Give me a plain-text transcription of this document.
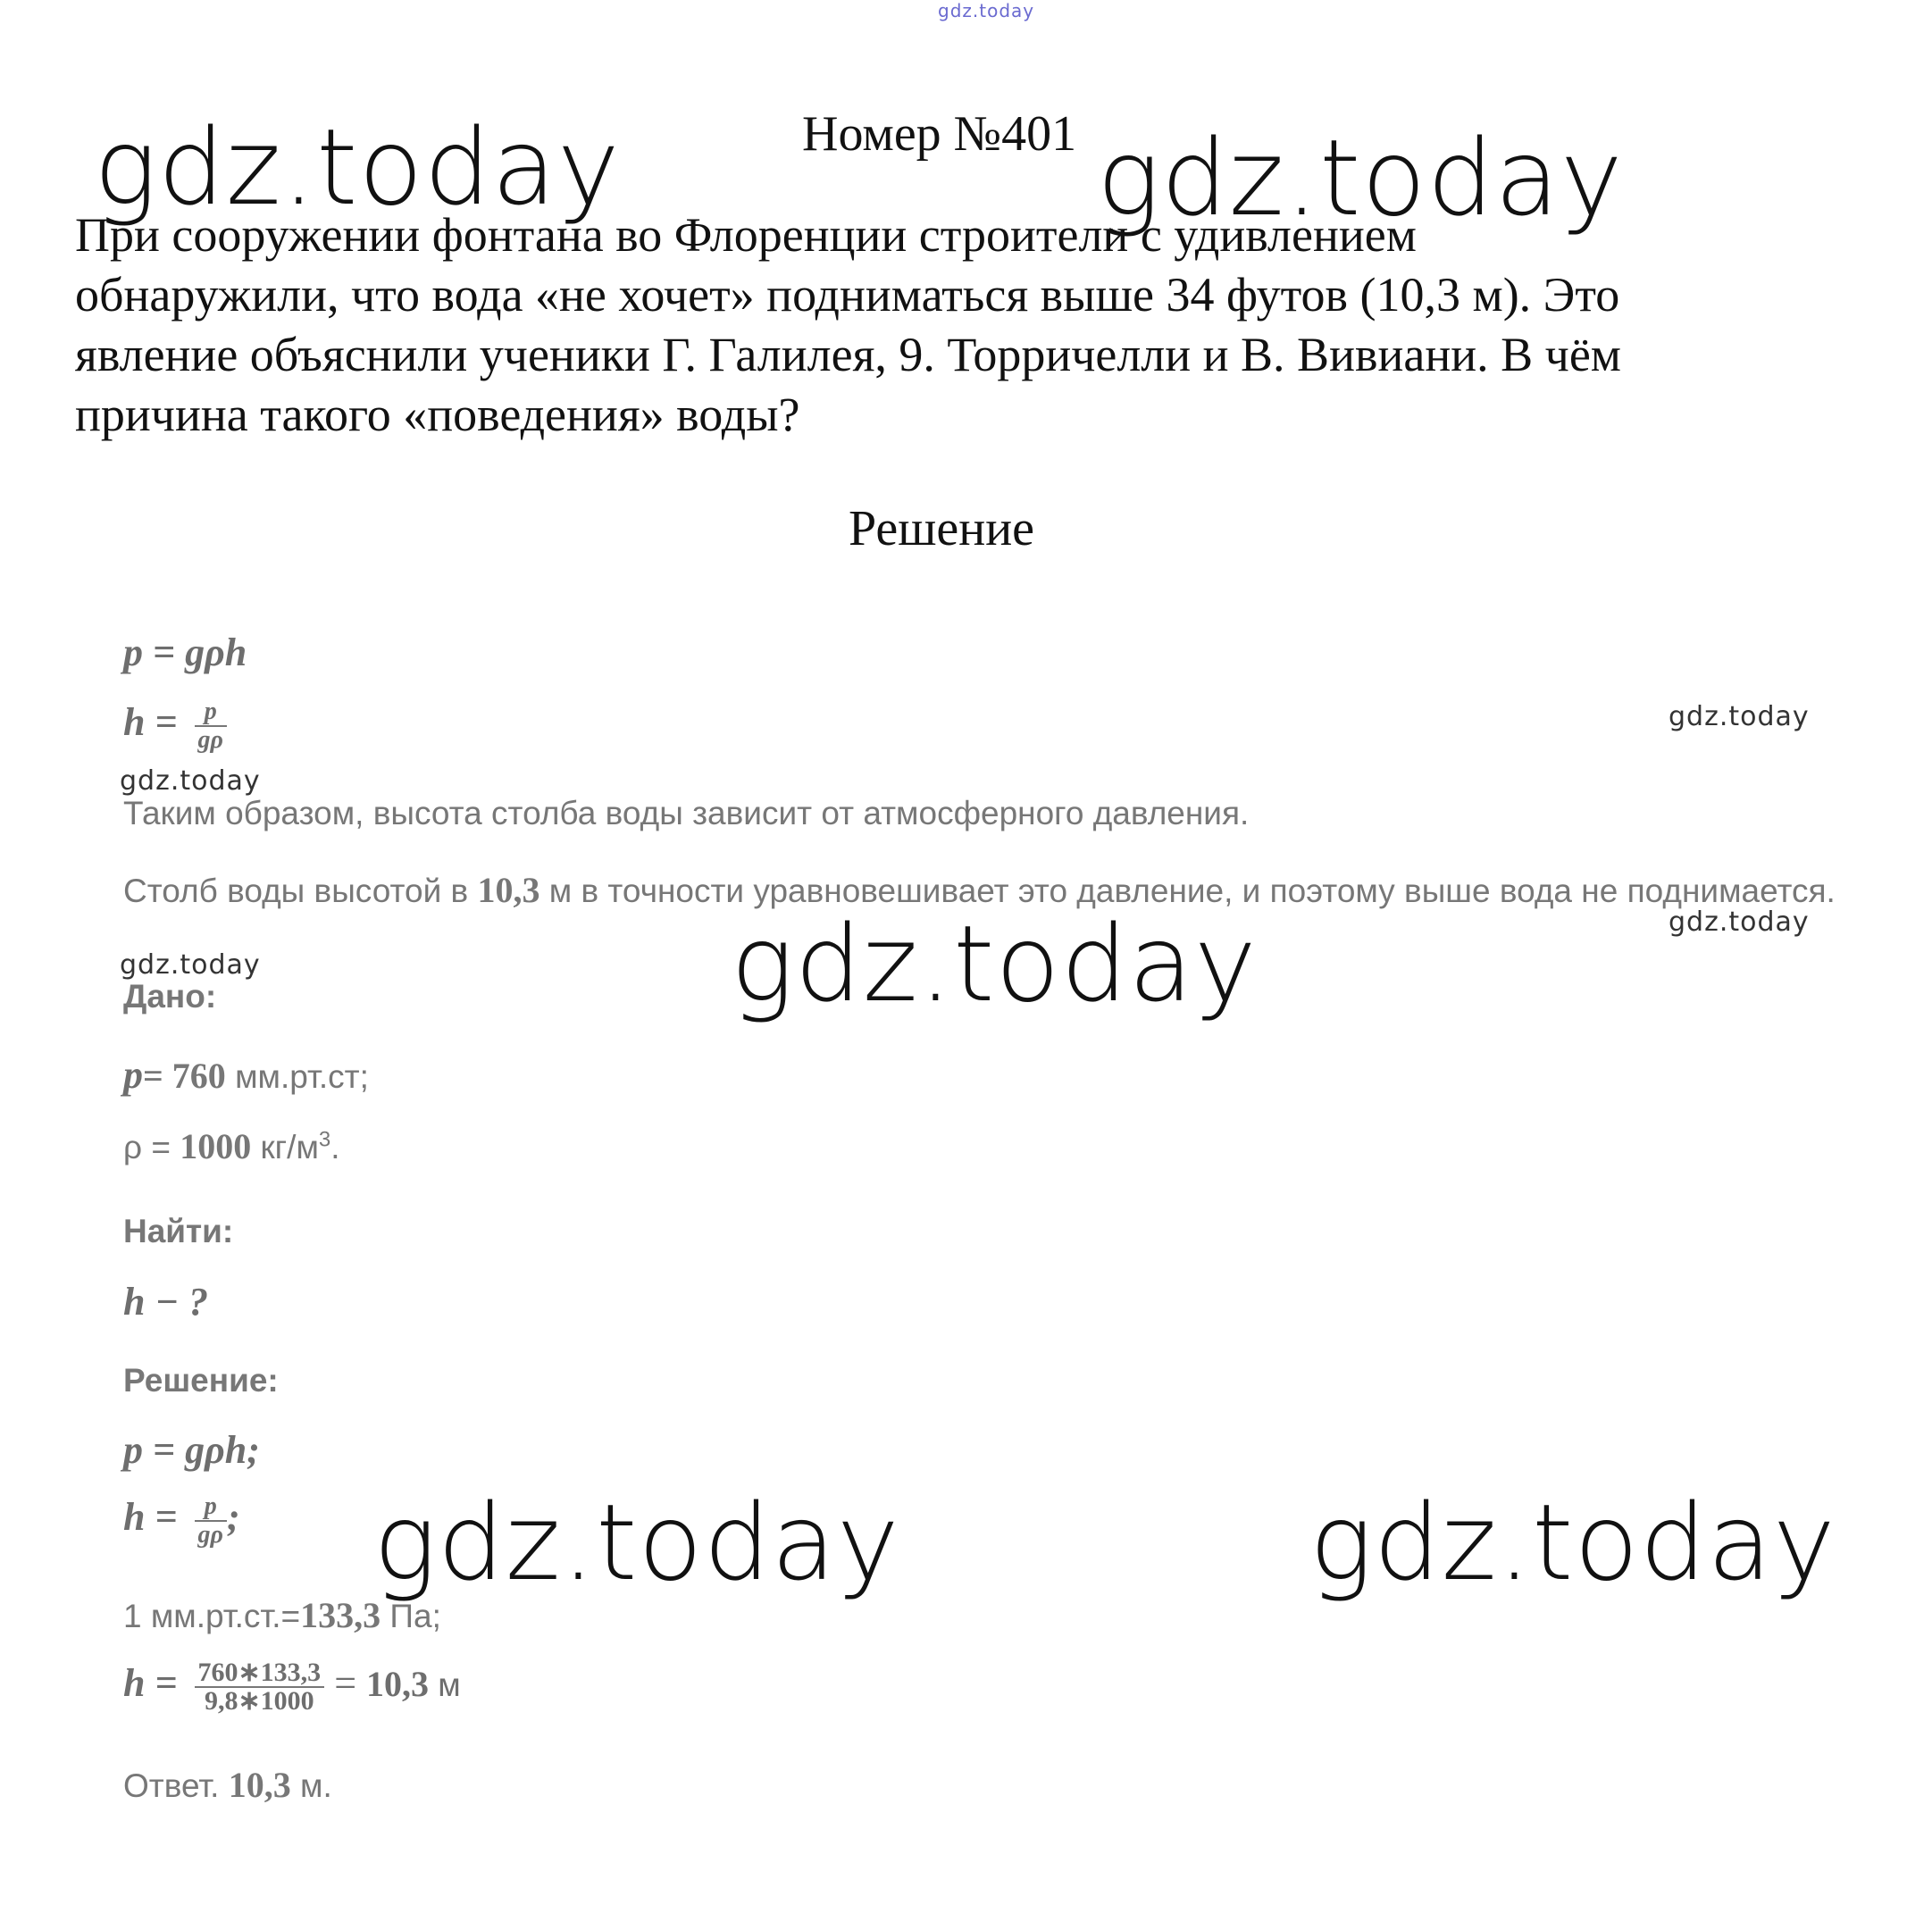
gdz.today
gdz.today	gdz.today
gdz.today
gdz.today
gdz.today
gdz.today	gdz.today
gdz.today	gdz.today
Номер №401
При сооружении фонтана во Флоренции строители с удивлением
обнаружили, что вода «не хочет» подниматься выше 34 футов (10,3 м). Это
явление объяснили ученики Г. Галилея, 9. Торричелли и В. Вивиани. В чём
причина такого «поведения» воды?
Решение
p = gρh
$h = \frac{p}{g\rho}$
Таким образом, высота столба воды зависит от атмосферного давления.
Столб воды высотой в 10,3 м в точности уравновешивает это давление, и поэтому выше вода не поднимается.
Дано:
p= 760 мм.рт.ст;
ρ = 1000 $кг/м^3$.
Найти:
h − ?
Решение:
p = gρh;
$h = \frac{p}{g\rho}$ ;
1 мм.рт.ст.=133,3 Па;
$h = \frac{760∗133,3}{9,8∗1000} = 10,3$ м
Ответ. 10,3 м.
